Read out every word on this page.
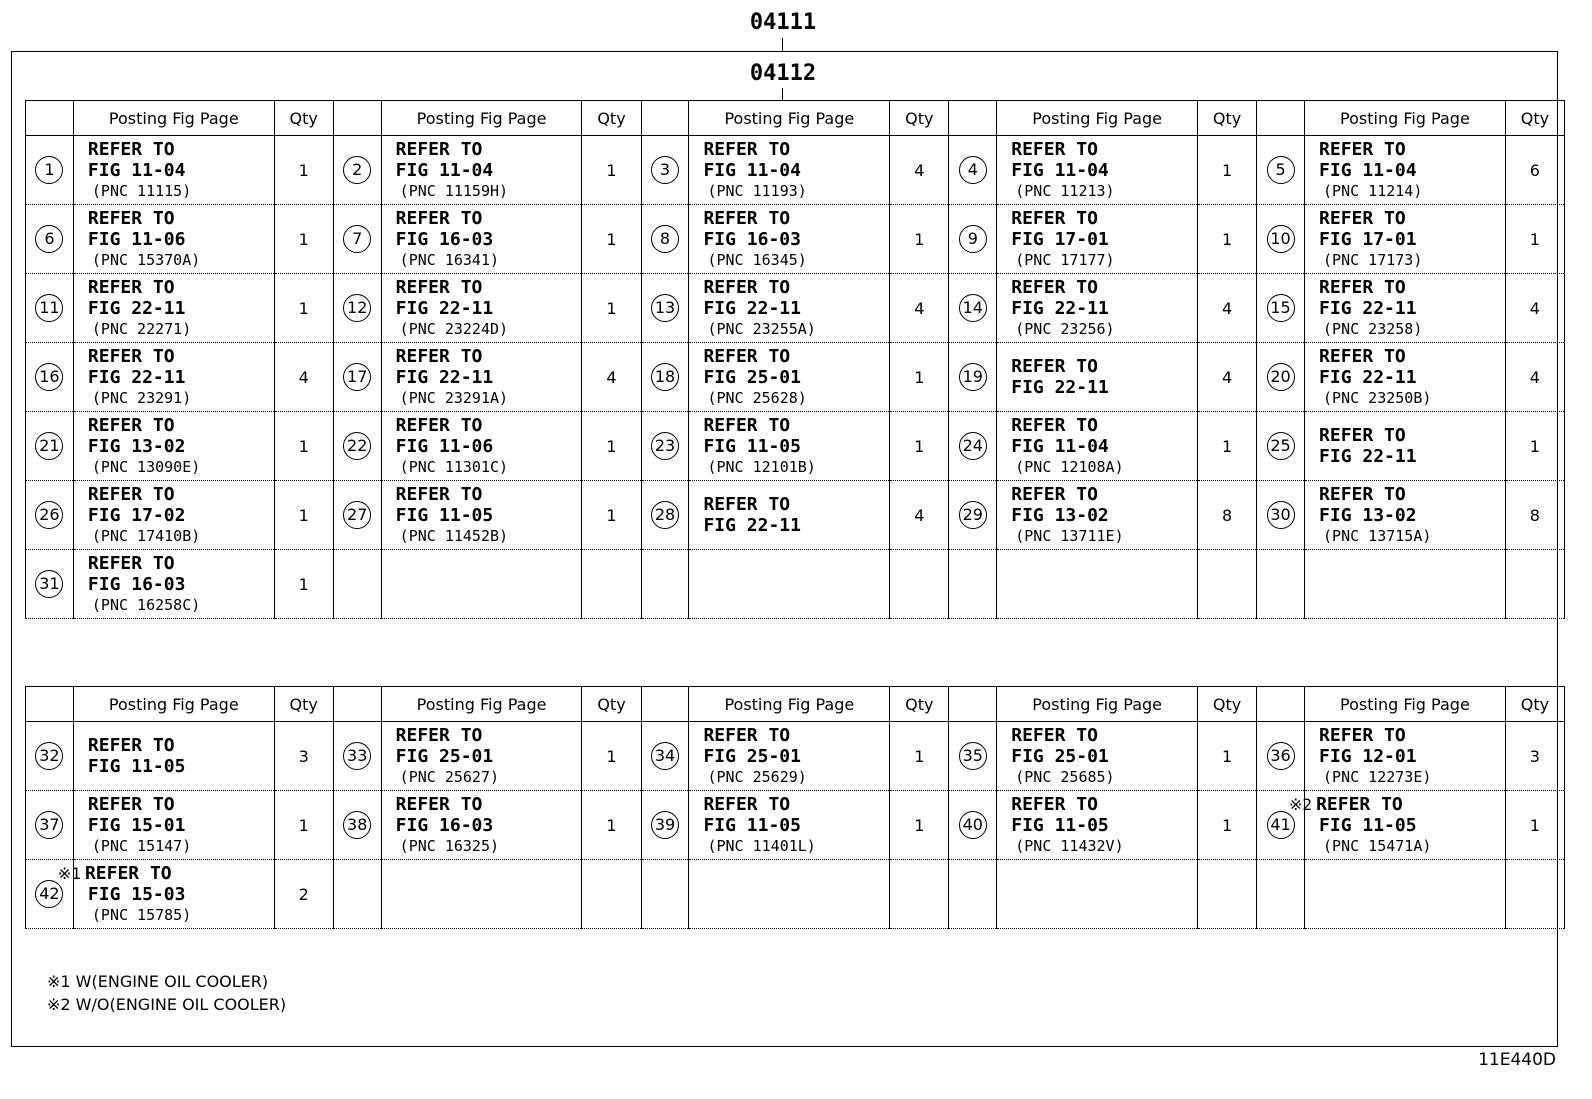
04111
04112
	Posting Fig Page	Qty		Posting Fig Page	Qty		Posting Fig Page	Qty		Posting Fig Page	Qty		Posting Fig Page	Qty
1	REFER TO
FIG 11-04
(PNC 11115)	1	2	REFER TO
FIG 11-04
(PNC 11159H)	1	3	REFER TO
FIG 11-04
(PNC 11193)	4	4	REFER TO
FIG 11-04
(PNC 11213)	1	5	REFER TO
FIG 11-04
(PNC 11214)	6
6	REFER TO
FIG 11-06
(PNC 15370A)	1	7	REFER TO
FIG 16-03
(PNC 16341)	1	8	REFER TO
FIG 16-03
(PNC 16345)	1	9	REFER TO
FIG 17-01
(PNC 17177)	1	10	REFER TO
FIG 17-01
(PNC 17173)	1
11	REFER TO
FIG 22-11
(PNC 22271)	1	12	REFER TO
FIG 22-11
(PNC 23224D)	1	13	REFER TO
FIG 22-11
(PNC 23255A)	4	14	REFER TO
FIG 22-11
(PNC 23256)	4	15	REFER TO
FIG 22-11
(PNC 23258)	4
16	REFER TO
FIG 22-11
(PNC 23291)	4	17	REFER TO
FIG 22-11
(PNC 23291A)	4	18	REFER TO
FIG 25-01
(PNC 25628)	1	19	REFER TO
FIG 22-11	4	20	REFER TO
FIG 22-11
(PNC 23250B)	4
21	REFER TO
FIG 13-02
(PNC 13090E)	1	22	REFER TO
FIG 11-06
(PNC 11301C)	1	23	REFER TO
FIG 11-05
(PNC 12101B)	1	24	REFER TO
FIG 11-04
(PNC 12108A)	1	25	REFER TO
FIG 22-11	1
26	REFER TO
FIG 17-02
(PNC 17410B)	1	27	REFER TO
FIG 11-05
(PNC 11452B)	1	28	REFER TO
FIG 22-11	4	29	REFER TO
FIG 13-02
(PNC 13711E)	8	30	REFER TO
FIG 13-02
(PNC 13715A)	8
31	REFER TO
FIG 16-03
(PNC 16258C)	1												
	Posting Fig Page	Qty		Posting Fig Page	Qty		Posting Fig Page	Qty		Posting Fig Page	Qty		Posting Fig Page	Qty
32	REFER TO
FIG 11-05	3	33	REFER TO
FIG 25-01
(PNC 25627)	1	34	REFER TO
FIG 25-01
(PNC 25629)	1	35	REFER TO
FIG 25-01
(PNC 25685)	1	36	REFER TO
FIG 12-01
(PNC 12273E)	3
37	REFER TO
FIG 15-01
(PNC 15147)	1	38	REFER TO
FIG 16-03
(PNC 16325)	1	39	REFER TO
FIG 11-05
(PNC 11401L)	1	40	REFER TO
FIG 11-05
(PNC 11432V)	1	41	※2 REFER TO
FIG 11-05
(PNC 15471A)	1
42	※1 REFER TO
FIG 15-03
(PNC 15785)	2												
※1 W(ENGINE OIL COOLER)
※2 W/O(ENGINE OIL COOLER)
11E440D
